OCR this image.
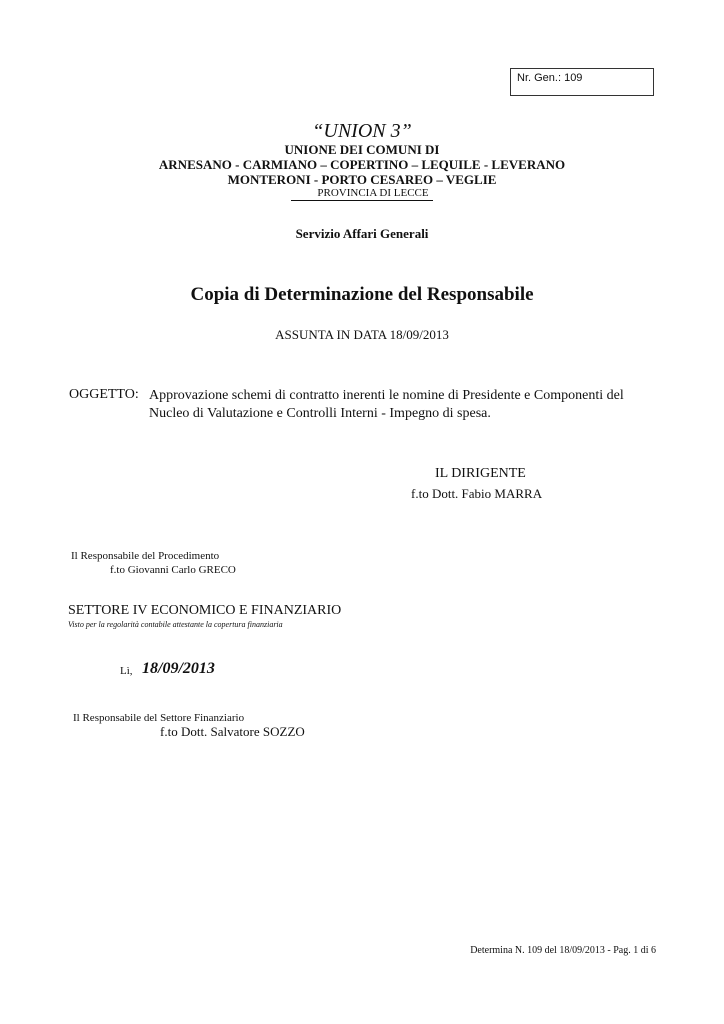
Nr. Gen.: 109
“UNION 3”
UNIONE DEI COMUNI DI
ARNESANO - CARMIANO – COPERTINO – LEQUILE - LEVERANO
MONTERONI - PORTO CESAREO – VEGLIE
PROVINCIA DI LECCE
Servizio Affari Generali
Copia di Determinazione del Responsabile
ASSUNTA IN DATA 18/09/2013
OGGETTO: Approvazione schemi di contratto inerenti le nomine di Presidente e Componenti del Nucleo di Valutazione e Controlli Interni - Impegno di spesa.
IL DIRIGENTE
f.to Dott. Fabio MARRA
Il Responsabile del Procedimento
f.to Giovanni Carlo GRECO
SETTORE IV ECONOMICO E FINANZIARIO
Visto per la regolarità contabile attestante la copertura finanziaria
Lì, 18/09/2013
Il Responsabile del Settore Finanziario
f.to Dott. Salvatore SOZZO
Determina N. 109 del 18/09/2013 - Pag. 1 di 6
